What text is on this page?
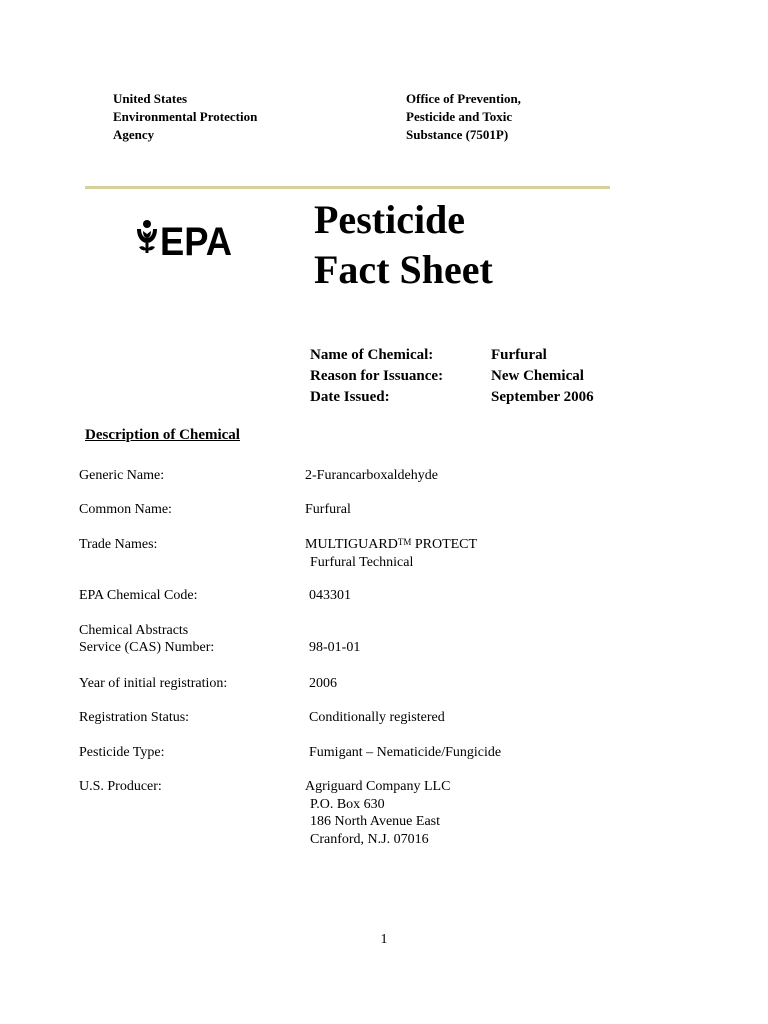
United States
Environmental Protection
Agency
Office of Prevention,
Pesticide and Toxic
Substance (7501P)
EPA Pesticide
Fact Sheet
Name of Chemical:	Furfural
Reason for Issuance:	New Chemical
Date Issued:	September 2006
Description of Chemical
Generic Name:	2-Furancarboxaldehyde
Common Name:	Furfural
Trade Names:	MULTIGUARD™ PROTECT
Furfural Technical
EPA Chemical Code:	043301
Chemical Abstracts
Service (CAS) Number:	98-01-01
Year of initial registration:	2006
Registration Status:	Conditionally registered
Pesticide Type:	Fumigant – Nematicide/Fungicide
U.S. Producer:	Agriguard Company LLC
P.O. Box 630
186 North Avenue East
Cranford, N.J. 07016
1
